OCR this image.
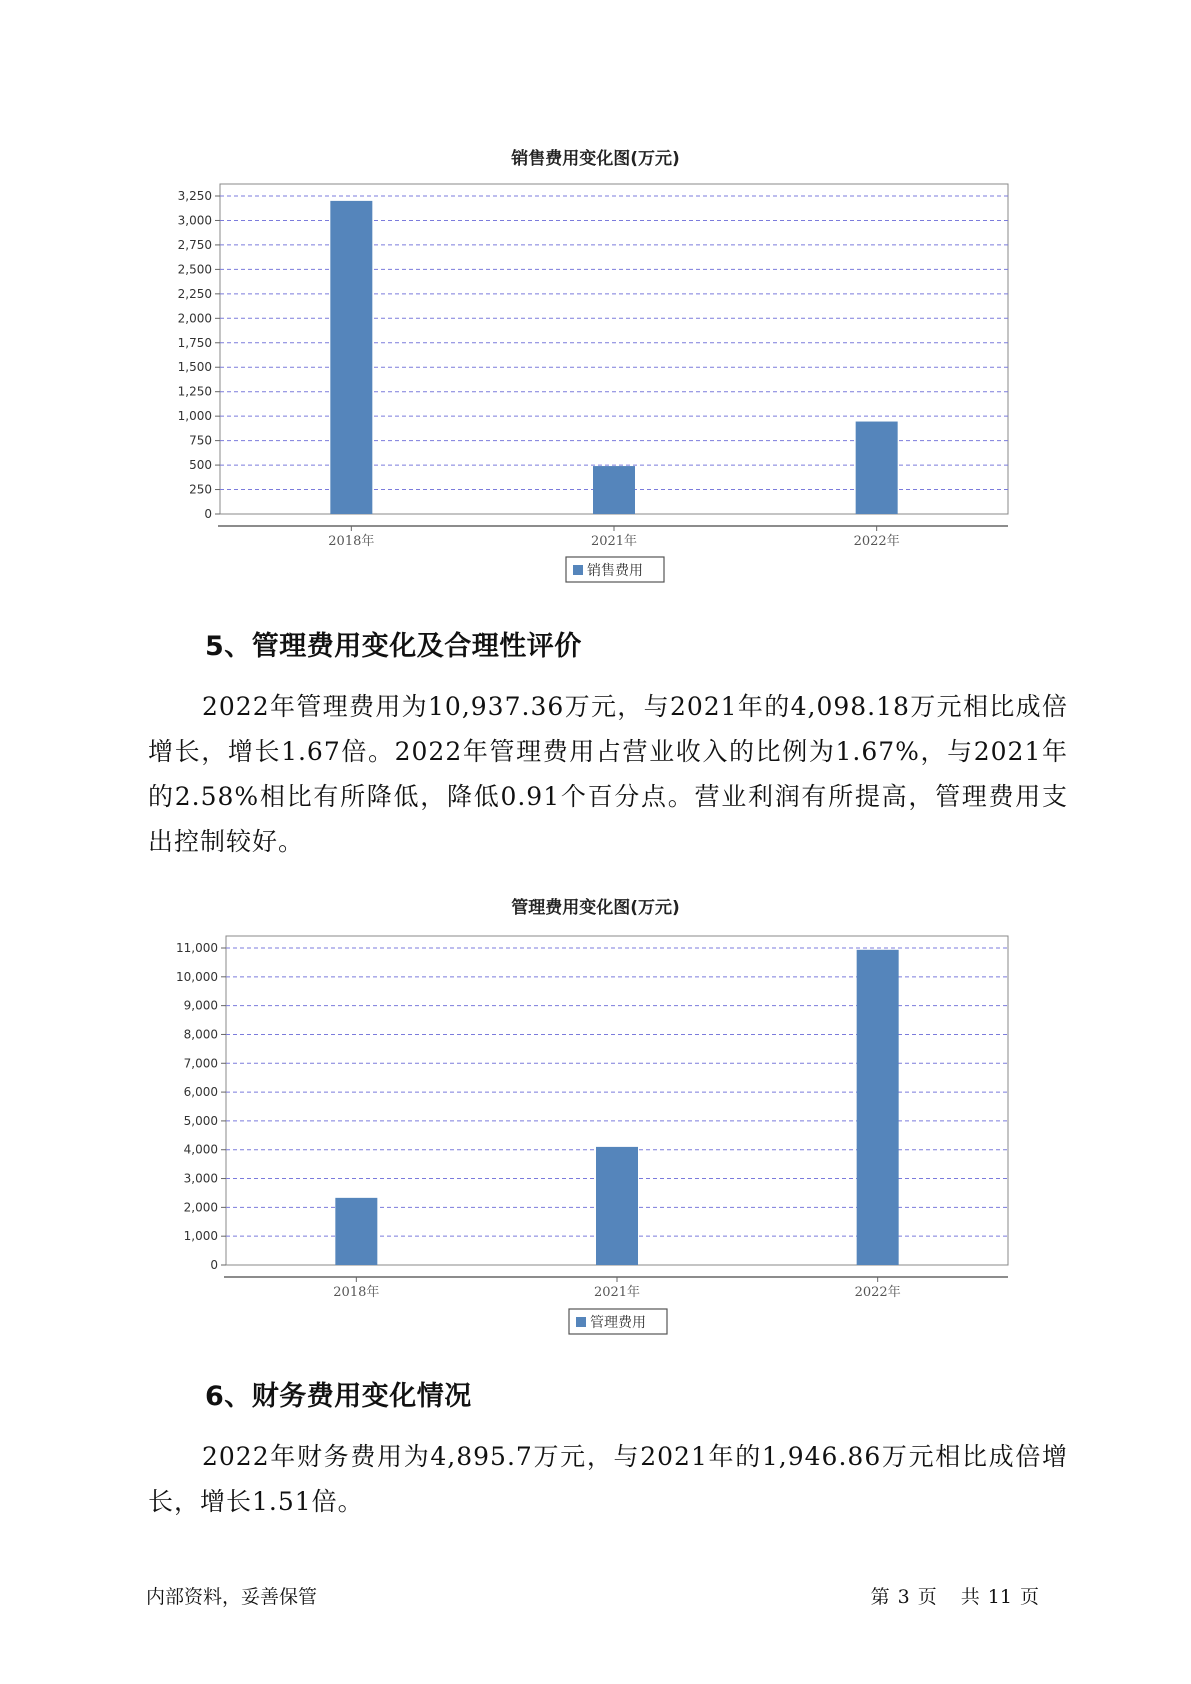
销售费用变化图(万元)
0
250
500
750
1,000
1,250
1,500
1,750
2,000
2,250
2,500
2,750
3,000
3,250
2018年	2021年	2022年
销售费用
5、管理费用变化及合理性评价
2022年管理费用为10,937.36万元，与2021年的4,098.18万元相比成倍增长，增长1.67倍。2022年管理费用占营业收入的比例为1.67%，与2021年的2.58%相比有所降低，降低0.91个百分点。营业利润有所提高，管理费用支出控制较好。
管理费用变化图(万元)
0
1,000
2,000
3,000
4,000
5,000
6,000
7,000
8,000
9,000
10,000
11,000
2018年	2021年	2022年
管理费用
6、财务费用变化情况
2022年财务费用为4,895.7万元，与2021年的1,946.86万元相比成倍增长，增长1.51倍。
内部资料，妥善保管	第 3 页 共 11 页
